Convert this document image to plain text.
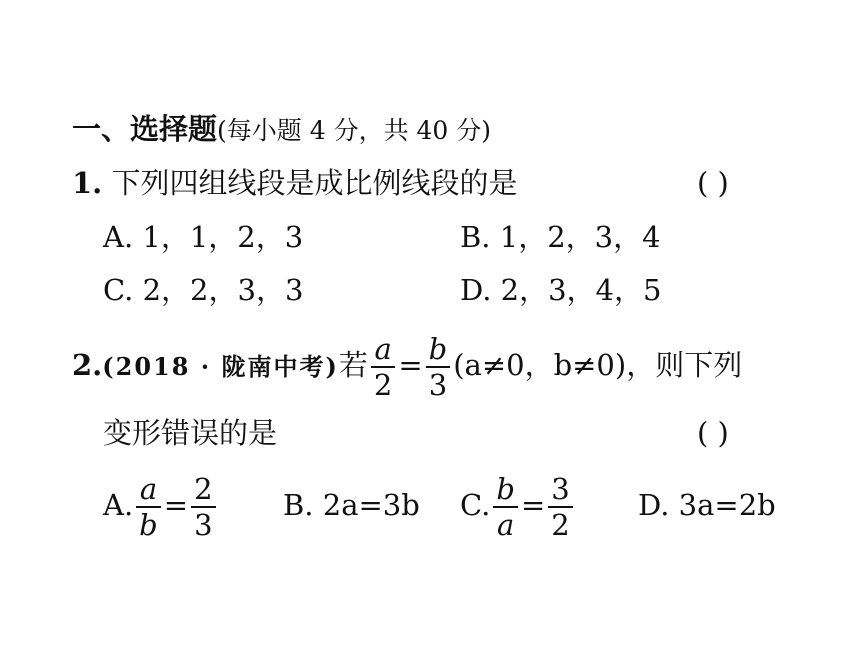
一、选择题(每小题 4 分，共 40 分)
1. 下列四组线段是成比例线段的是	( )
A. 1，1，2，3	B. 1，2，3，4
C. 2，2，3，3	D. 2，3，4，5
2.(2018 · 陇南中考)若 $\frac{a}{2} = \frac{b}{3} (a\ne 0$，b≠0)，则下列
变形错误的是	( )
A. $\frac{a}{b} = \frac{2}{3} B$. 2a=3b C. $\frac{b}{a} = \frac{3}{2} D$. 3a=2b
